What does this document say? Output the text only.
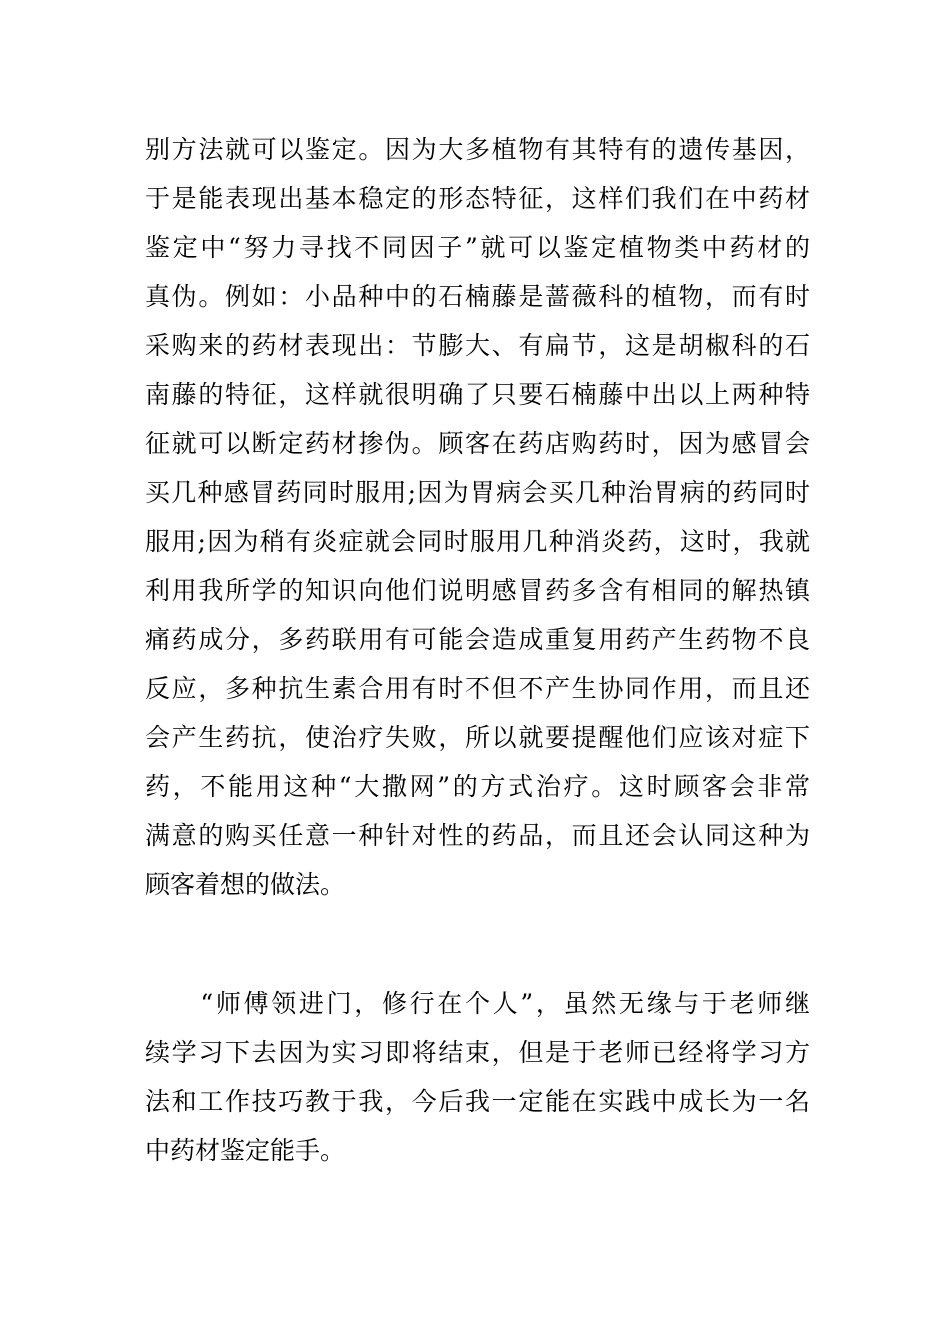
别方法就可以鉴定。因为大多植物有其特有的遗传基因，
于是能表现出基本稳定的形态特征，这样们我们在中药材
鉴定中“努力寻找不同因子”就可以鉴定植物类中药材的
真伪。例如：小品种中的石楠藤是蔷薇科的植物，而有时
采购来的药材表现出：节膨大、有扁节，这是胡椒科的石
南藤的特征，这样就很明确了只要石楠藤中出以上两种特
征就可以断定药材掺伪。顾客在药店购药时，因为感冒会
买几种感冒药同时服用;因为胃病会买几种治胃病的药同时
服用;因为稍有炎症就会同时服用几种消炎药，这时，我就
利用我所学的知识向他们说明感冒药多含有相同的解热镇
痛药成分，多药联用有可能会造成重复用药产生药物不良
反应，多种抗生素合用有时不但不产生协同作用，而且还
会产生药抗，使治疗失败，所以就要提醒他们应该对症下
药，不能用这种“大撒网”的方式治疗。这时顾客会非常
满意的购买任意一种针对性的药品，而且还会认同这种为
顾客着想的做法。
　　“师傅领进门，修行在个人”，虽然无缘与于老师继
续学习下去因为实习即将结束，但是于老师已经将学习方
法和工作技巧教于我，今后我一定能在实践中成长为一名
中药材鉴定能手。
